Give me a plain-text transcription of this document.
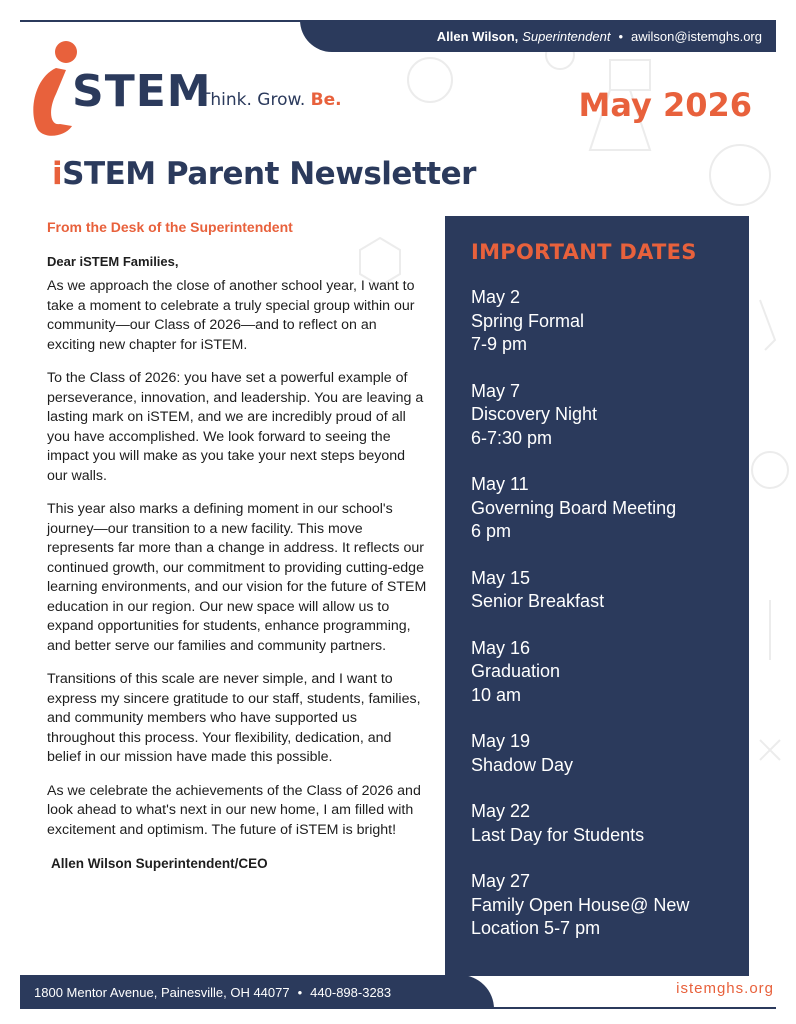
Allen Wilson, Superintendent • awilson@istemghs.org
STEM
Think. Grow. Be.	May 2026
iSTEM Parent Newsletter
From the Desk of the Superintendent
Dear iSTEM Families,

As we approach the close of another school year, I want to take a moment to celebrate a truly special group within our community—our Class of 2026—and to reflect on an exciting new chapter for iSTEM.

To the Class of 2026: you have set a powerful example of perseverance, innovation, and leadership. You are leaving a lasting mark on iSTEM, and we are incredibly proud of all you have accomplished. We look forward to seeing the impact you will make as you take your next steps beyond our walls.

This year also marks a defining moment in our school's journey—our transition to a new facility. This move represents far more than a change in address. It reflects our continued growth, our commitment to providing cutting-edge learning environments, and our vision for the future of STEM education in our region. Our new space will allow us to expand opportunities for students, enhance programming, and better serve our families and community partners.

Transitions of this scale are never simple, and I want to express my sincere gratitude to our staff, students, families, and community members who have supported us throughout this process. Your flexibility, dedication, and belief in our mission have made this possible.

As we celebrate the achievements of the Class of 2026 and look ahead to what's next in our new home, I am filled with excitement and optimism. The future of iSTEM is bright!

Allen Wilson Superintendent/CEO
IMPORTANT DATES
May 2
Spring Formal
7-9 pm
May 7
Discovery Night
6-7:30 pm
May 11
Governing Board Meeting
6 pm
May 15
Senior Breakfast
May 16
Graduation
10 am
May 19
Shadow Day
May 22
Last Day for Students
May 27
Family Open House@ New
Location 5-7 pm
1800 Mentor Avenue, Painesville, OH 44077 • 440-898-3283	istemghs.org
